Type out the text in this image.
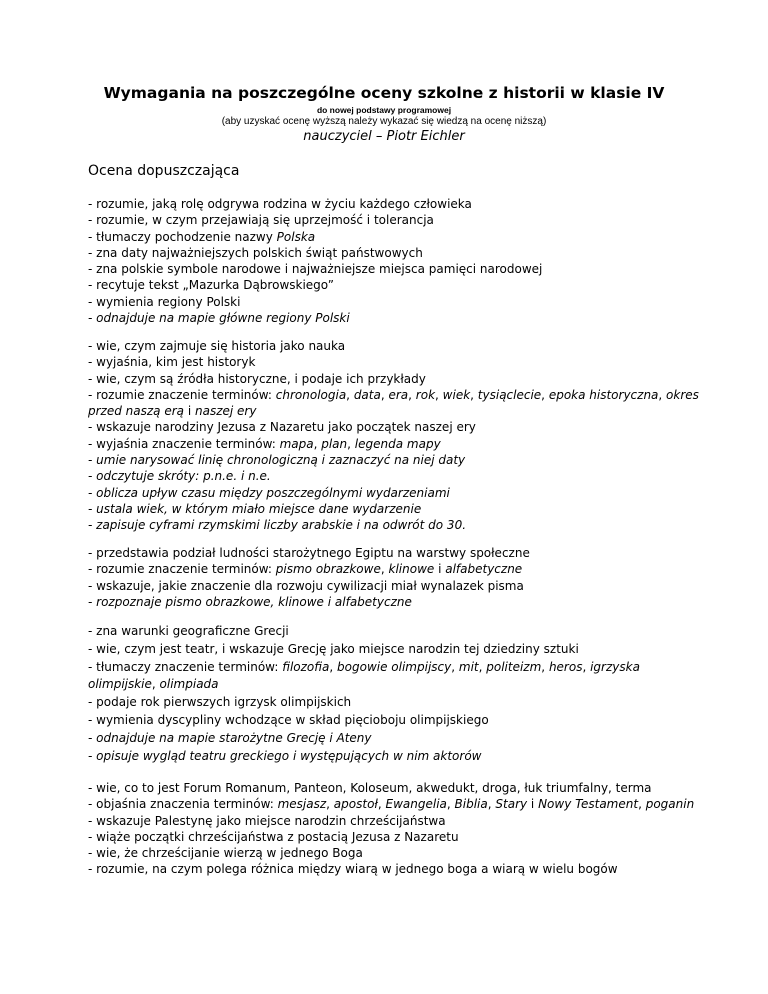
Wymagania na poszczególne oceny szkolne z historii w klasie IV
do nowej podstawy programowej
(aby uzyskać ocenę wyższą należy wykazać się wiedzą na ocenę niższą)
nauczyciel – Piotr Eichler
Ocena dopuszczająca
- rozumie, jaką rolę odgrywa rodzina w życiu każdego człowieka
- rozumie, w czym przejawiają się uprzejmość i tolerancja
- tłumaczy pochodzenie nazwy Polska
- zna daty najważniejszych polskich świąt państwowych
- zna polskie symbole narodowe i najważniejsze miejsca pamięci narodowej
- recytuje tekst „Mazurka Dąbrowskiego”
- wymienia regiony Polski
- odnajduje na mapie główne regiony Polski
- wie, czym zajmuje się historia jako nauka
- wyjaśnia, kim jest historyk
- wie, czym są źródła historyczne, i podaje ich przykłady
- rozumie znaczenie terminów: chronologia, data, era, rok, wiek, tysiąclecie, epoka historyczna, okres
przed naszą erą i naszej ery
- wskazuje narodziny Jezusa z Nazaretu jako początek naszej ery
- wyjaśnia znaczenie terminów: mapa, plan, legenda mapy
- umie narysować linię chronologiczną i zaznaczyć na niej daty
- odczytuje skróty: p.n.e. i n.e.
- oblicza upływ czasu między poszczególnymi wydarzeniami
- ustala wiek, w którym miało miejsce dane wydarzenie
- zapisuje cyframi rzymskimi liczby arabskie i na odwrót do 30.
- przedstawia podział ludności starożytnego Egiptu na warstwy społeczne
- rozumie znaczenie terminów: pismo obrazkowe, klinowe i alfabetyczne
- wskazuje, jakie znaczenie dla rozwoju cywilizacji miał wynalazek pisma
- rozpoznaje pismo obrazkowe, klinowe i alfabetyczne
- zna warunki geograficzne Grecji
- wie, czym jest teatr, i wskazuje Grecję jako miejsce narodzin tej dziedziny sztuki
- tłumaczy znaczenie terminów: filozofia, bogowie olimpijscy, mit, politeizm, heros, igrzyska
olimpijskie, olimpiada
- podaje rok pierwszych igrzysk olimpijskich
- wymienia dyscypliny wchodzące w skład pięcioboju olimpijskiego
- odnajduje na mapie starożytne Grecję i Ateny
- opisuje wygląd teatru greckiego i występujących w nim aktorów
- wie, co to jest Forum Romanum, Panteon, Koloseum, akwedukt, droga, łuk triumfalny, terma
- objaśnia znaczenia terminów: mesjasz, apostoł, Ewangelia, Biblia, Stary i Nowy Testament, poganin
- wskazuje Palestynę jako miejsce narodzin chrześcijaństwa
- wiąże początki chrześcijaństwa z postacią Jezusa z Nazaretu
- wie, że chrześcijanie wierzą w jednego Boga
- rozumie, na czym polega różnica między wiarą w jednego boga a wiarą w wielu bogów
